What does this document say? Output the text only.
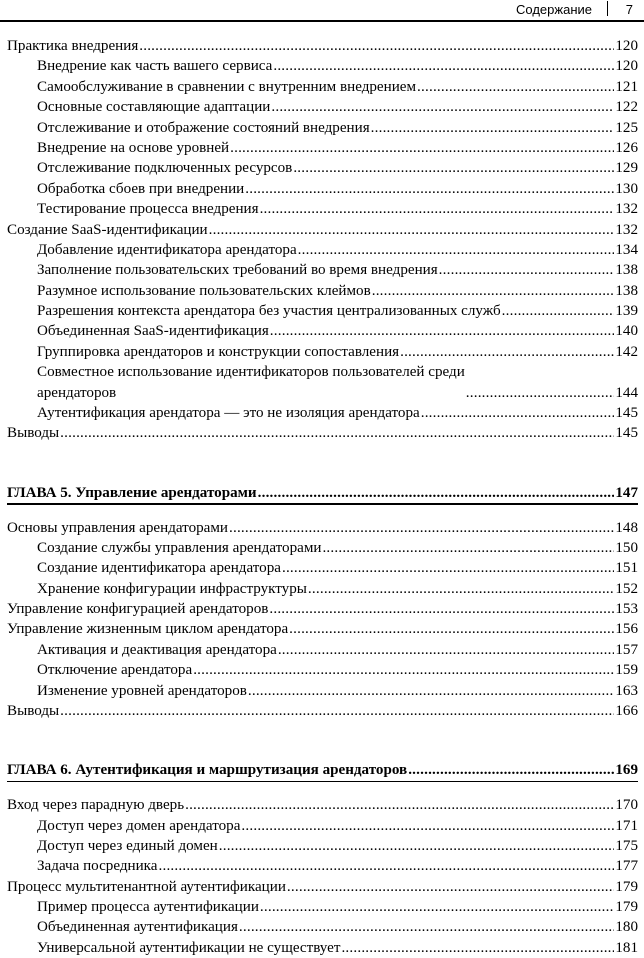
Содержание	7
Практика внедрения .....	120
Внедрение как часть вашего сервиса .....	120
Самообслуживание в сравнении с внутренним внедрением .....	121
Основные составляющие адаптации .....	122
Отслеживание и отображение состояний внедрения .....	125
Внедрение на основе уровней .....	126
Отслеживание подключенных ресурсов .....	129
Обработка сбоев при внедрении .....	130
Тестирование процесса внедрения .....	132
Создание SaaS-идентификации .....	132
Добавление идентификатора арендатора .....	134
Заполнение пользовательских требований во время внедрения .....	138
Разумное использование пользовательских клеймов .....	138
Разрешения контекста арендатора без участия централизованных служб .....	139
Объединенная SaaS-идентификация .....	140
Группировка арендаторов и конструкции сопоставления .....	142
Совместное использование идентификаторов пользователей среди
арендаторов .....	144
Аутентификация арендатора — это не изоляция арендатора .....	145
Выводы .....	145
ГЛАВА 5. Управление арендаторами .....	147
Основы управления арендаторами .....	148
Создание службы управления арендаторами .....	150
Создание идентификатора арендатора .....	151
Хранение конфигурации инфраструктуры .....	152
Управление конфигурацией арендаторов .....	153
Управление жизненным циклом арендатора .....	156
Активация и деактивация арендатора .....	157
Отключение арендатора .....	159
Изменение уровней арендаторов .....	163
Выводы .....	166
ГЛАВА 6. Аутентификация и маршрутизация арендаторов .....	169
Вход через парадную дверь .....	170
Доступ через домен арендатора .....	171
Доступ через единый домен .....	175
Задача посредника .....	177
Процесс мультитенантной аутентификации .....	179
Пример процесса аутентификации .....	179
Объединенная аутентификация .....	180
Универсальной аутентификации не существует .....	181
